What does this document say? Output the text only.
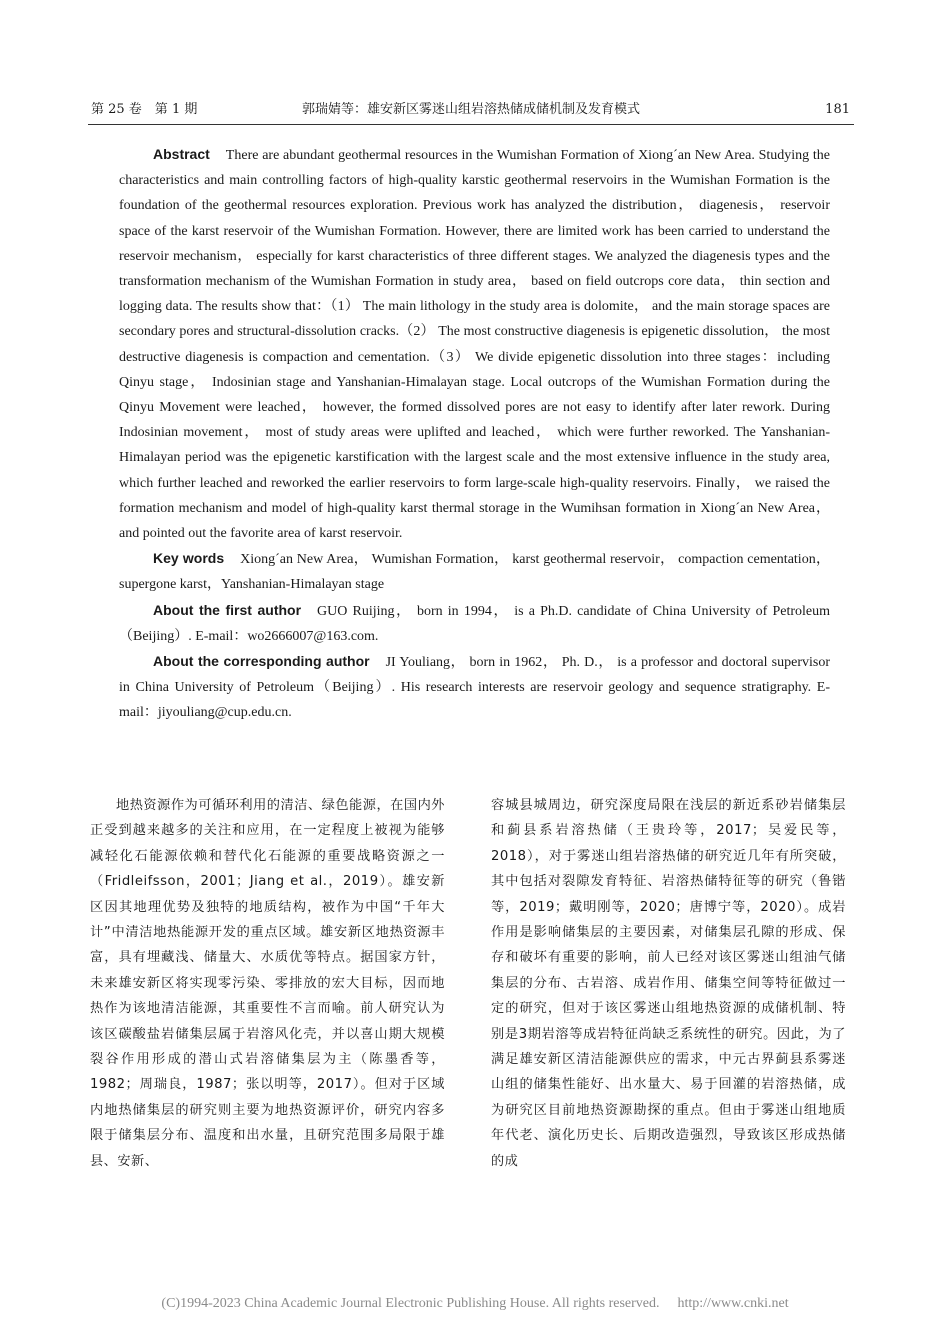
第 25 卷　第 1 期	郭瑞婧等：雄安新区雾迷山组岩溶热储成储机制及发育模式	181

Abstract There are abundant geothermal resources in the Wumishan Formation of Xiong´an New Area. Studying the characteristics and main controlling factors of high-quality karstic geothermal reservoirs in the Wumishan Formation is the foundation of the geothermal resources exploration. Previous work has analyzed the distribution， diagenesis， reservoir space of the karst reservoir of the Wumishan Formation. However, there are limited work has been carried to understand the reservoir mechanism， especially for karst characteristics of three different stages. We analyzed the diagenesis types and the transformation mechanism of the Wumishan Formation in study area， based on field outcrops core data， thin section and logging data. The results show that：（1） The main lithology in the study area is dolomite， and the main storage spaces are secondary pores and structural-dissolution cracks.（2） The most constructive diagenesis is epigenetic dissolution， the most destructive diagenesis is compaction and cementation.（3） We divide epigenetic dissolution into three stages：including Qinyu stage， Indosinian stage and Yanshanian-Himalayan stage. Local outcrops of the Wumishan Formation during the Qinyu Movement were leached， however, the formed dissolved pores are not easy to identify after later rework. During Indosinian movement， most of study areas were uplifted and leached， which were further reworked. The Yanshanian-Himalayan period was the epigenetic karstification with the largest scale and the most extensive influence in the study area, which further leached and reworked the earlier reservoirs to form large-scale high-quality reservoirs. Finally， we raised the formation mechanism and model of high-quality karst thermal storage in the Wumihsan formation in Xiong´an New Area， and pointed out the favorite area of karst reservoir.

Key words Xiong´an New Area， Wumishan Formation， karst geothermal reservoir， compaction cementation，supergone karst，Yanshanian-Himalayan stage

About the first author GUO Ruijing， born in 1994， is a Ph.D. candidate of China University of Petroleum（Beijing）. E-mail：wo2666007@163.com.

About the corresponding author JI Youliang， born in 1962， Ph. D.， is a professor and doctoral supervisor in China University of Petroleum（Beijing）. His research interests are reservoir geology and sequence stratigraphy. E-mail：jiyouliang@cup.edu.cn.

地热资源作为可循环利用的清洁、绿色能源，在国内外正受到越来越多的关注和应用，在一定程度上被视为能够减轻化石能源依赖和替代化石能源的重要战略资源之一（Fridleifsson，2001；Jiang et al.，2019）。雄安新区因其地理优势及独特的地质结构，被作为中国“千年大计”中清洁地热能源开发的重点区域。雄安新区地热资源丰富，具有埋藏浅、储量大、水质优等特点。据国家方针，未来雄安新区将实现零污染、零排放的宏大目标，因而地热作为该地清洁能源，其重要性不言而喻。前人研究认为该区碳酸盐岩储集层属于岩溶风化壳，并以喜山期大规模裂谷作用形成的潜山式岩溶储集层为主（陈墨香等，1982；周瑞良，1987；张以明等，2017）。但对于区域内地热储集层的研究则主要为地热资源评价，研究内容多限于储集层分布、温度和出水量，且研究范围多局限于雄县、安新、

容城县城周边，研究深度局限在浅层的新近系砂岩储集层和蓟县系岩溶热储（王贵玲等，2017；吴爱民等，2018），对于雾迷山组岩溶热储的研究近几年有所突破，其中包括对裂隙发育特征、岩溶热储特征等的研究（鲁锴等，2019；戴明刚等，2020；唐博宁等，2020）。成岩作用是影响储集层的主要因素，对储集层孔隙的形成、保存和破坏有重要的影响，前人已经对该区雾迷山组油气储集层的分布、古岩溶、成岩作用、储集空间等特征做过一定的研究，但对于该区雾迷山组地热资源的成储机制、特别是3期岩溶等成岩特征尚缺乏系统性的研究。因此，为了满足雄安新区清洁能源供应的需求，中元古界蓟县系雾迷山组的储集性能好、出水量大、易于回灌的岩溶热储，成为研究区目前地热资源勘探的重点。但由于雾迷山组地质年代老、演化历史长、后期改造强烈，导致该区形成热储的成

(C)1994-2023 China Academic Journal Electronic Publishing House. All rights reserved. http://www.cnki.net
